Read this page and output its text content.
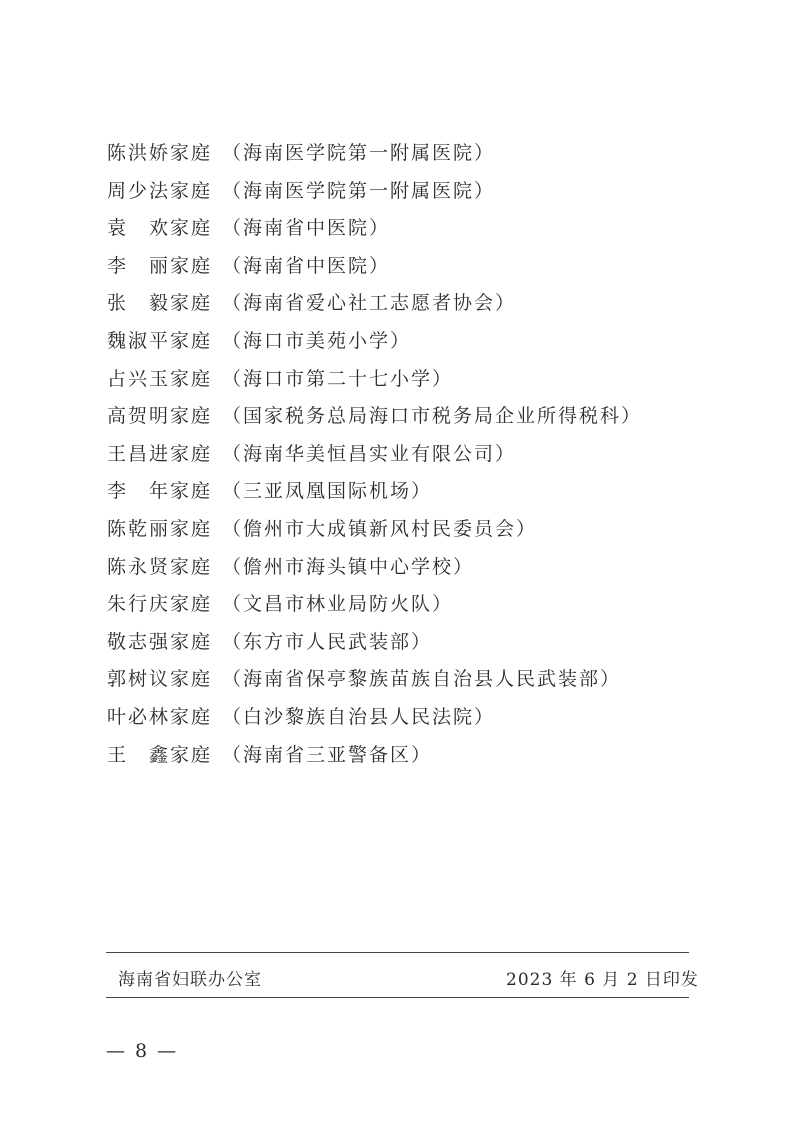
陈洪娇家庭 （海南医学院第一附属医院）
周少法家庭 （海南医学院第一附属医院）
袁　欢家庭 （海南省中医院）
李　丽家庭 （海南省中医院）
张　毅家庭 （海南省爱心社工志愿者协会）
魏淑平家庭 （海口市美苑小学）
占兴玉家庭 （海口市第二十七小学）
高贺明家庭 （国家税务总局海口市税务局企业所得税科）
王昌进家庭 （海南华美恒昌实业有限公司）
李　年家庭 （三亚凤凰国际机场）
陈乾丽家庭 （儋州市大成镇新风村民委员会）
陈永贤家庭 （儋州市海头镇中心学校）
朱行庆家庭 （文昌市林业局防火队）
敬志强家庭 （东方市人民武装部）
郭树议家庭 （海南省保亭黎族苗族自治县人民武装部）
叶必林家庭 （白沙黎族自治县人民法院）
王　鑫家庭 （海南省三亚警备区）
海南省妇联办公室	2023 年 6 月 2 日印发
— 8 —
